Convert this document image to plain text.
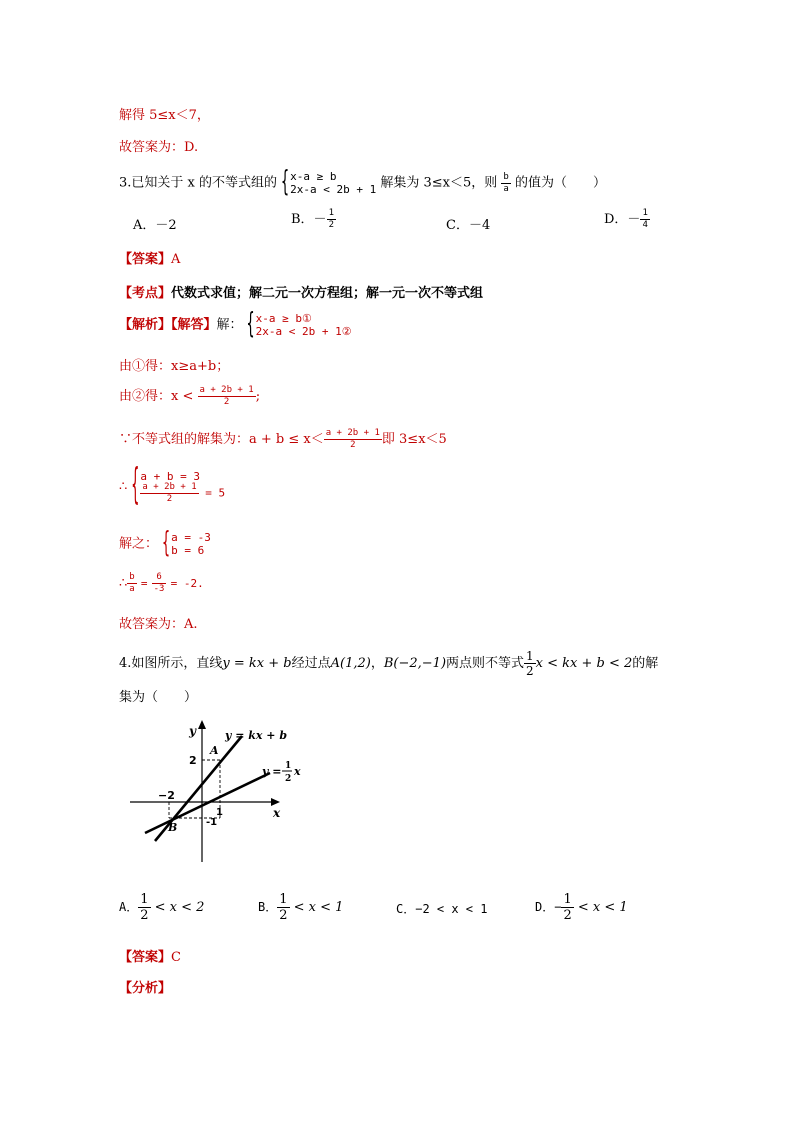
解得 5≤x＜7，
故答案为：D.
3.已知关于 x 的不等式组的 { x-a ≥ b
2x-a < 2b + 1 解集为 3≤x＜5，则 $\frac{b}{a}$ 的值为（　　）
A．－2	B．－ $\frac{1}{2}$	C．－4	D．－ $\frac{1}{4}$
【答案】A
【考点】代数式求值；解二元一次方程组；解一元一次不等式组
【解析】【解答】解： { x-a ≥ b①
2x-a < 2b + 1②
由①得：x≥a+b；
由②得：$x < \frac{a + 2b + 1}{2}$ ;
∵不等式组的解集为：$a + b \le x< \frac{a + 2b + 1}{2}$ 即 3≤x＜5
∴ { a + b = 3
$\frac{a + 2b + 1}{2} = 5$
解之： { a = -3
b = 6
∴ $\frac{b}{a} = \frac{6}{-3} = -2$.
故答案为：A.
4.如图所示，直线y = kx + b经过点A(1,2)，B(−2,−1)两点则不等式 $\frac{1}{2}$ x < kx + b < 2的解
集为（　　）
y
x
y = kx + b
y = 1
2
x
A
B
2
−2
1
-1
A． $\frac{1}{2} < x < 2$	B． $\frac{1}{2} < x < 1$	C．−2 < x < 1	D．− $\frac{1}{2} < x < 1$
【答案】C
【分析】
